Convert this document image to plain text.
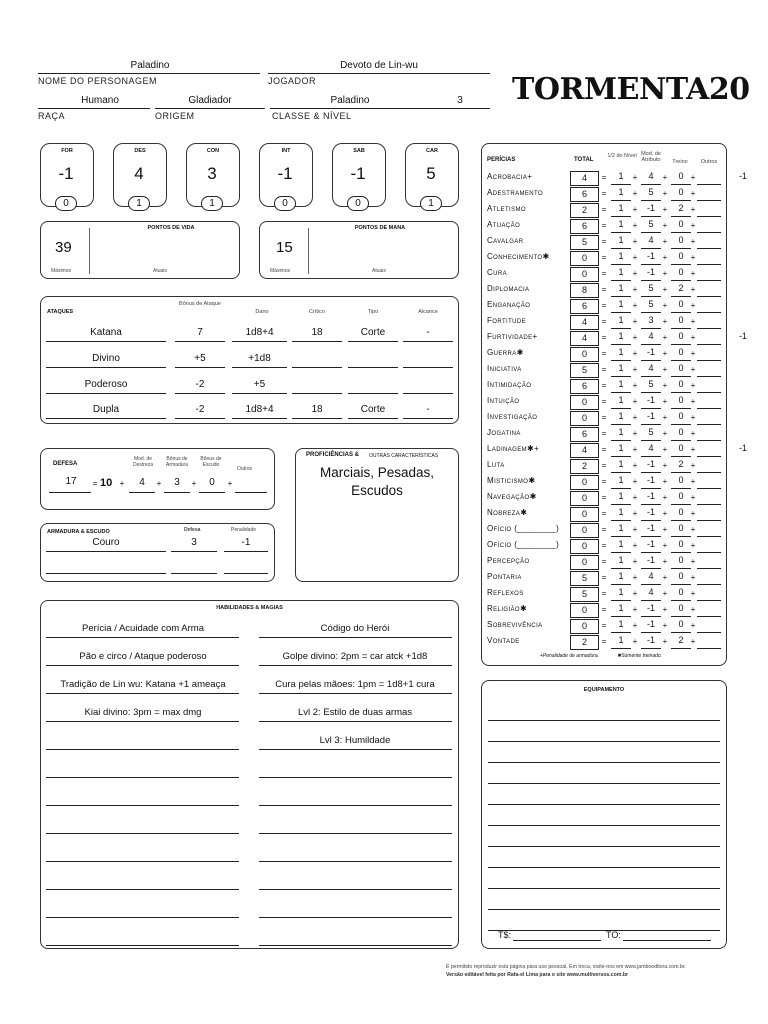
Paladino
NOME DO PERSONAGEM
Devoto de Lin-wu
JOGADOR
Humano
RAÇA
Gladiador
ORIGEM
Paladino	3
CLASSE & NÍVEL
TORMENTA20
FOR
-1
0
DES
4
1
CON
3
1
INT
-1
0
SAB
-1
0
CAR
5
1
PONTOS DE VIDA
39
Máximos	Atuais
PONTOS DE MANA
15
Máximos	Atuais
ATAQUES
Bônus de Ataque
Dano	Crítico	Tipo	Alcance
Katana	7	1d8+4	18	Corte	-
Divino	+5	+1d8
Poderoso	-2	+5
Dupla	-2	1d8+4	18	Corte	-
DEFESA
Mod. de Destreza
Bônus de Armadura
Bônus de Escudo
Outros
17	= 10 +	4	+	3	+	0	+
ARMADURA & ESCUDO	Defesa	Penalidade
Couro	3	-1
PROFICIÊNCIAS & OUTRAS CARACTERÍSTICAS
Marciais, Pesadas,
Escudos
HABILIDADES & MAGIAS
Perícia / Acuidade com Arma
Pão e circo / Ataque poderoso
Tradição de Lin wu: Katana +1 ameaça
Kiai divino: 3pm = max dmg
Código do Herói
Golpe divino: 2pm = car atck +1d8
Cura pelas mãoes: 1pm = 1d8+1 cura
Lvl 2: Estilo de duas armas
Lvl 3: Humildade
PERÍCIAS	TOTAL
1/2 do Nível Mod. de Atributo	Treino	Outros
Acrobacia+	4	=	1	+	4	+	0 +	-1
Adestramento	6	=	1	+	5	+	0 +
Atletismo	2	=	1	+	-1 +	2 +
Atuação	6	=	1	+	5	+	0 +
Cavalgar	5	=	1	+	4	+	0 +
Conhecimento✱	0	=	1	+	-1 +	0 +
Cura	0	=	1	+	-1 +	0 +
Diplomacia	8	=	1	+	5	+	2 +
Enganação	6	=	1	+	5	+	0 +
Fortitude	4	=	1	+	3	+	0 +
Furtividade+	4	=	1	+	4	+	0 +	-1
Guerra✱	0	=	1	+	-1 +	0 +
Iniciativa	5	=	1	+	4	+	0 +
Intimidação	6	=	1	+	5	+	0 +
Intuição	0	=	1	+	-1 +	0 +
Investigação	0	=	1	+	-1 +	0 +
Jogatina	6	=	1	+	5	+	0 +
Ladinagem✱+	4	=	1	+	4	+	0 +	-1
Luta	2	=	1	+	-1 +	2 +
Misticismo✱	0	=	1	+	-1 +	0 +
Navegação✱	0	=	1	+	-1 +	0 +
Nobreza✱	0	=	1	+	-1 +	0 +
Ofício (________)	0	=	1	+	-1 +	0 +
Ofício (________)	0	=	1	+	-1 +	0 +
Percepção	0	=	1	+	-1 +	0 +
Pontaria	5	=	1	+	4	+	0 +
Reflexos	5	=	1	+	4	+	0 +
Religião✱	0	=	1	+	-1 +	0 +
Sobrevivência	0	=	1	+	-1 +	0 +
Vontade	2	=	1	+	-1 +	2 +
+Penalidade de armadura.	✱Somente treinado.
EQUIPAMENTO
T$:	TO:
É permitido reproduzir esta página para uso pessoal. Em troca, visite-nos em www.jamboeditora.com.br.
Versão editável feita por Rafa-el Lima para o site www.multiversos.com.br
